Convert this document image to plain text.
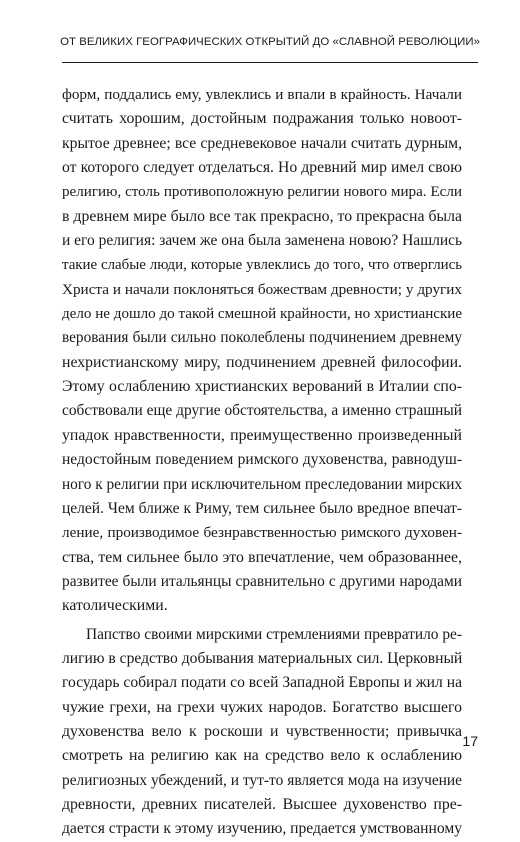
ОТ ВЕЛИКИХ ГЕОГРАФИЧЕСКИХ ОТКРЫТИЙ ДО «СЛАВНОЙ РЕВОЛЮЦИИ»
форм, поддались ему, увлеклись и впали в крайность. Начали
считать хорошим, достойным подражания только новоот-
крытое древнее; все средневековое начали считать дурным,
от которого следует отделаться. Но древний мир имел свою
религию, столь противоположную религии нового мира. Если
в древнем мире было все так прекрасно, то прекрасна была
и его религия: зачем же она была заменена новою? Нашлись
такие слабые люди, которые увлеклись до того, что отверглись
Христа и начали поклоняться божествам древности; у других
дело не дошло до такой смешной крайности, но христианские
верования были сильно поколеблены подчинением древнему
нехристианскому миру, подчинением древней философии.
Этому ослаблению христианских верований в Италии спо-
собствовали еще другие обстоятельства, а именно страшный
упадок нравственности, преимущественно произведенный
недостойным поведением римского духовенства, равнодуш-
ного к религии при исключительном преследовании мирских
целей. Чем ближе к Риму, тем сильнее было вредное впечат-
ление, производимое безнравственностью римского духовен-
ства, тем сильнее было это впечатление, чем образованнее,
развитее были итальянцы сравнительно с другими народами
католическими.
Папство своими мирскими стремлениями превратило ре-
лигию в средство добывания материальных сил. Церковный
государь собирал подати со всей Западной Европы и жил на
чужие грехи, на грехи чужих народов. Богатство высшего
духовенства вело к роскоши и чувственности; привычка
смотреть на религию как на средство вело к ослаблению
религиозных убеждений, и тут-то является мода на изучение
древности, древних писателей. Высшее духовенство пре-
дается страсти к этому изучению, предается умствованному
17
